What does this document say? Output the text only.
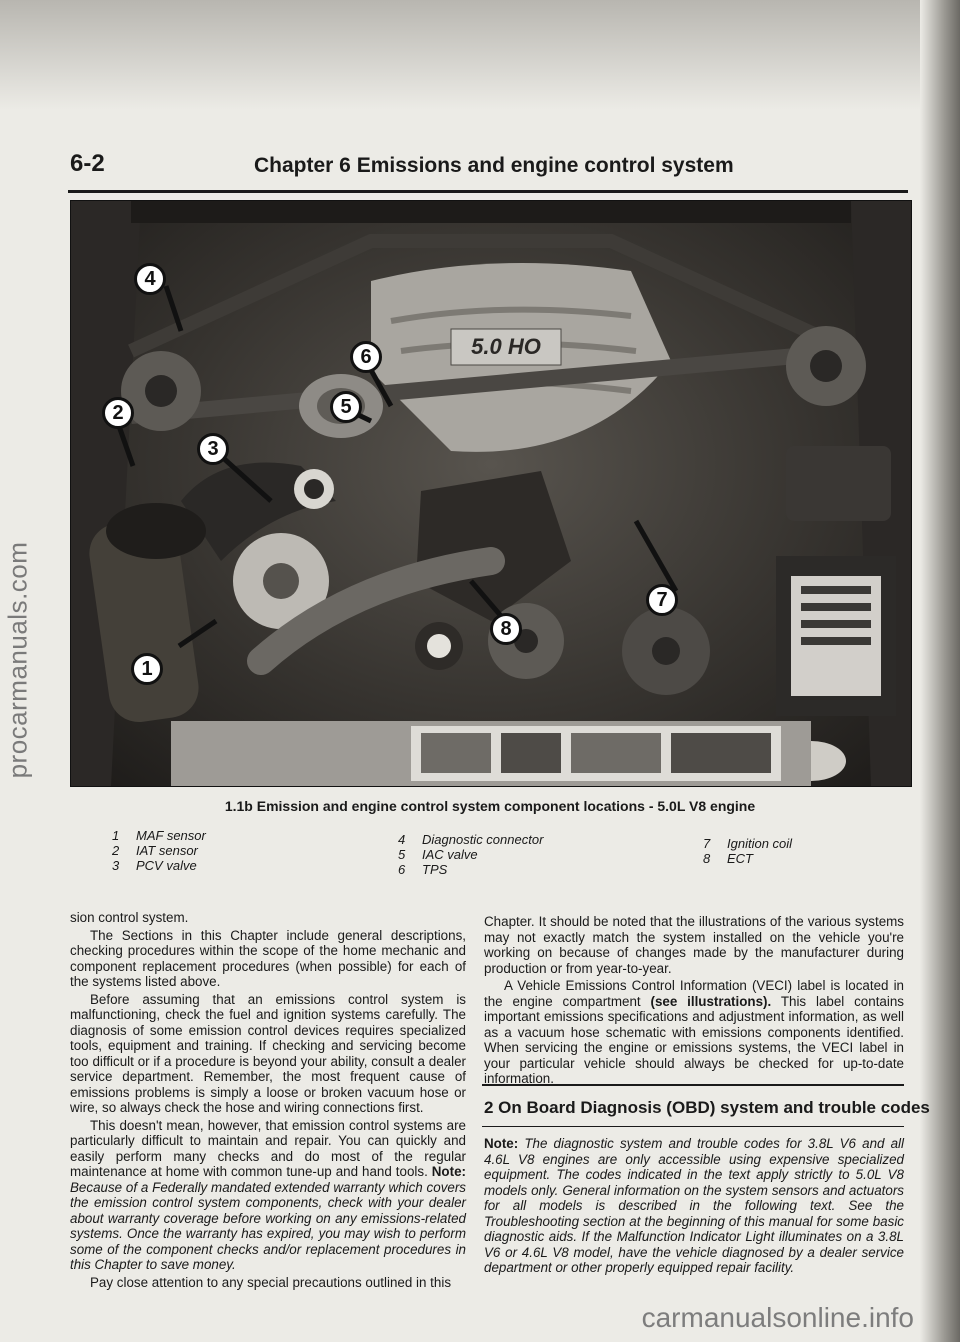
procarmanuals.com
6-2	Chapter 6 Emissions and engine control system
5.0 HO
4
2
3
5
6
7
8
1
1.1b Emission and engine control system component locations - 5.0L V8 engine
1	MAF sensor
2	IAT sensor
3	PCV valve
4	Diagnostic connector
5	IAC valve
6	TPS
7	Ignition coil
8	ECT

sion control system.

The Sections in this Chapter include general descriptions, checking procedures within the scope of the home mechanic and component replacement procedures (when possible) for each of the systems listed above.

Before assuming that an emissions control system is malfunctioning, check the fuel and ignition systems carefully. The diagnosis of some emission control devices requires specialized tools, equipment and training. If checking and servicing become too difficult or if a procedure is beyond your ability, consult a dealer service department. Remember, the most frequent cause of emissions problems is simply a loose or broken vacuum hose or wire, so always check the hose and wiring connections first.

This doesn't mean, however, that emission control systems are particularly difficult to maintain and repair. You can quickly and easily perform many checks and do most of the regular maintenance at home with common tune-up and hand tools. Note: Because of a Federally mandated extended warranty which covers the emission control system components, check with your dealer about warranty coverage before working on any emissions-related systems. Once the warranty has expired, you may wish to perform some of the component checks and/or replacement procedures in this Chapter to save money.

Pay close attention to any special precautions outlined in this

Chapter. It should be noted that the illustrations of the various systems may not exactly match the system installed on the vehicle you're working on because of changes made by the manufacturer during production or from year-to-year.

A Vehicle Emissions Control Information (VECI) label is located in the engine compartment (see illustrations). This label contains important emissions specifications and adjustment information, as well as a vacuum hose schematic with emissions components identified. When servicing the engine or emissions systems, the VECI label in your particular vehicle should always be checked for up-to-date information.

2 On Board Diagnosis (OBD) system and trouble codes

Note: The diagnostic system and trouble codes for 3.8L V6 and all 4.6L V8 engines are only accessible using expensive specialized equipment. The codes indicated in the text apply strictly to 5.0L V8 models only. General information on the system sensors and actuators for all models is described in the following text. See the Troubleshooting section at the beginning of this manual for some basic diagnostic aids. If the Malfunction Indicator Light illuminates on a 3.8L V6 or 4.6L V8 model, have the vehicle diagnosed by a dealer service department or other properly equipped repair facility.

carmanualsonline.info
